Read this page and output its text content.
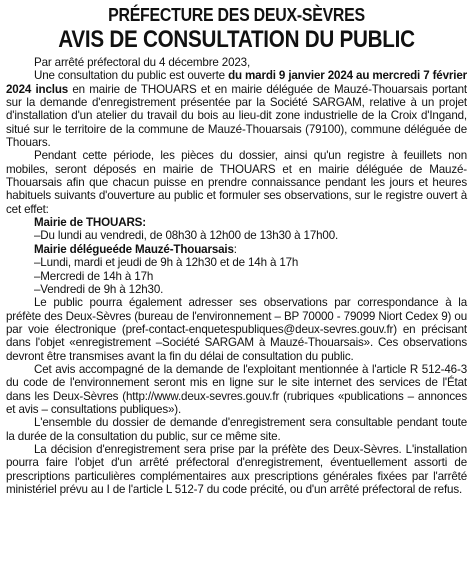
PRÉFECTURE DES DEUX-SÈVRES
AVIS DE CONSULTATION DU PUBLIC

Par arrêté préfectoral du 4 décembre 2023,

Une consultation du public est ouverte du mardi 9 janvier 2024 au mercredi 7 février 2024 inclus en mairie de THOUARS et en mairie déléguée de Mauzé-Thouarsais portant sur la demande d'enregistrement présentée par la Société SARGAM, relative à un projet d'installation d'un atelier du travail du bois au lieu-dit zone industrielle de la Croix d'Ingand, situé sur le territoire de la commune de Mauzé-Thouarsais (79100), commune déléguée de Thouars.

Pendant cette période, les pièces du dossier, ainsi qu'un registre à feuillets non mobiles, seront déposés en mairie de THOUARS et en mairie déléguée de Mauzé-Thouarsais afin que chacun puisse en prendre connaissance pendant les jours et heures habituels suivants d'ouverture au public et formuler ses observations, sur le registre ouvert à cet effet:

Mairie de THOUARS:

–Du lundi au vendredi, de 08h30 à 12h00 de 13h30 à 17h00.

Mairie délégueéde Mauzé-Thouarsais:

–Lundi, mardi et jeudi de 9h à 12h30 et de 14h à 17h

–Mercredi de 14h à 17h

–Vendredi de 9h à 12h30.

Le public pourra également adresser ses observations par correspondance à la préfète des Deux-Sèvres (bureau de l'environnement – BP 70000 - 79099 Niort Cedex 9) ou par voie électronique (pref-contact-enquetespubliques@deux-sevres.gouv.fr) en précisant dans l'objet «enregistrement –Société SARGAM à Mauzé-Thouarsais». Ces observations devront être transmises avant la fin du délai de consultation du public.

Cet avis accompagné de la demande de l'exploitant mentionnée à l'article R 512-46-3 du code de l'environnement seront mis en ligne sur le site internet des services de l'État dans les Deux-Sèvres (http://www.deux-sevres.gouv.fr (rubriques «publications – annonces et avis – consultations publiques»).

L'ensemble du dossier de demande d'enregistrement sera consultable pendant toute la durée de la consultation du public, sur ce même site.

La décision d'enregistrement sera prise par la préfète des Deux-Sèvres. L'installation pourra faire l'objet d'un arrêté préfectoral d'enregistrement, éventuellement assorti de prescriptions particulières complémentaires aux prescriptions générales fixées par l'arrêté ministériel prévu au I de l'article L 512-7 du code précité, ou d'un arrêté préfectoral de refus.
